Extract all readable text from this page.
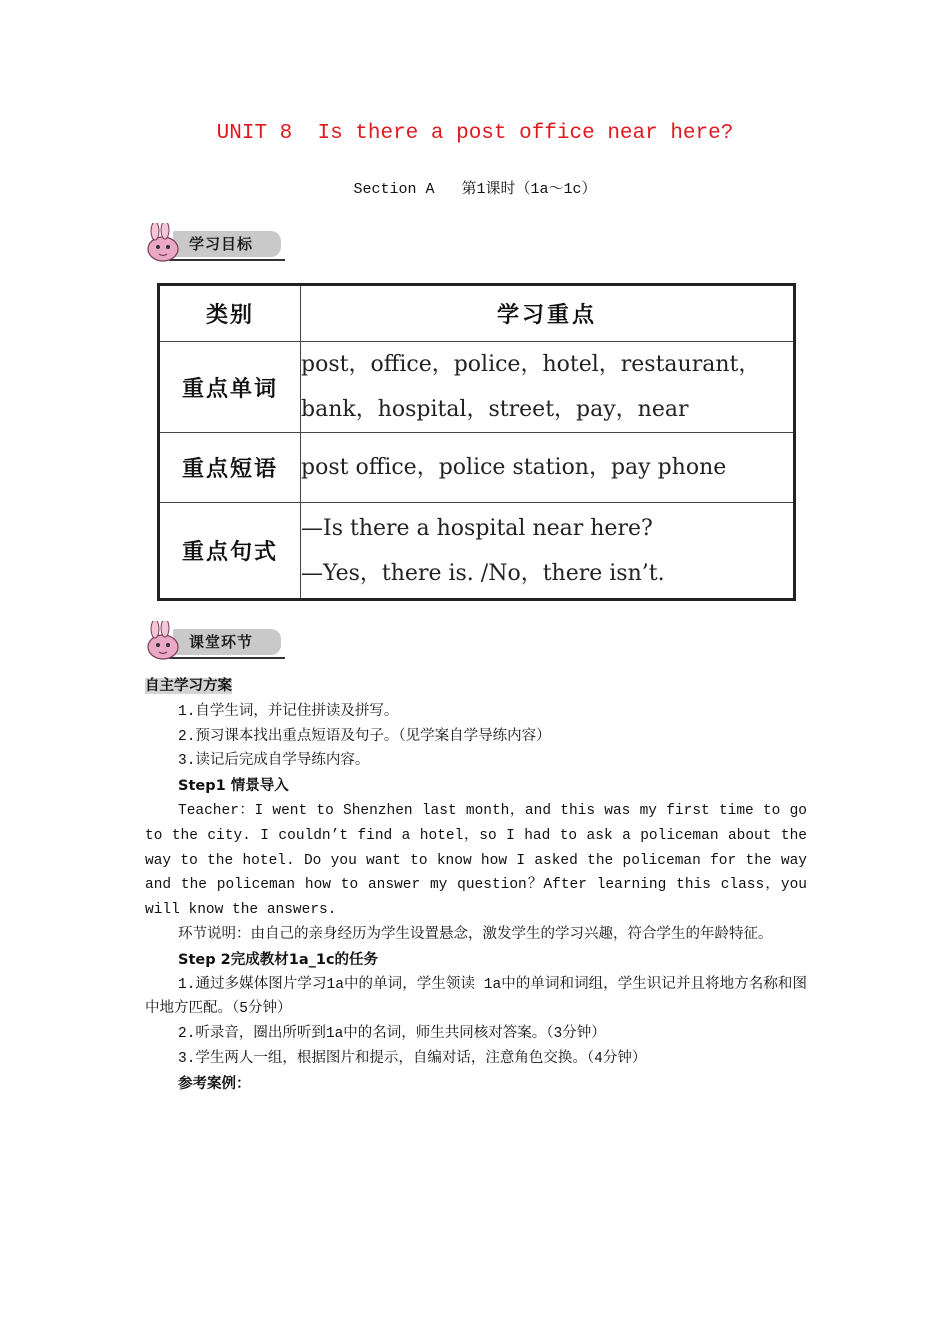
UNIT 8  Is there a post office near here?
Section A   第1课时（1a～1c）
学习目标
类别	学习重点
重点单词	post，office，police，hotel，restaurant，
bank，hospital，street，pay，near

重点短语	post office，police station，pay phone

重点句式	—Is there a hospital near here?
—Yes，there is. /No，there isn’t.
课堂环节

自主学习方案

1.自学生词，并记住拼读及拼写。

2.预习课本找出重点短语及句子。（见学案自学导练内容）

3.读记后完成自学导练内容。

Step1 情景导入

Teacher：I went to Shenzhen last month，and this was my first time to go to the city. I couldn’t find a hotel，so I had to ask a policeman about the way to the hotel. Do you want to know how I asked the policeman for the way and the policeman how to answer my question？After learning this class，you will know the answers.

环节说明：由自己的亲身经历为学生设置悬念，激发学生的学习兴趣，符合学生的年龄特征。

Step 2完成教材1a_1c的任务

1.通过多媒体图片学习1a中的单词，学生领读 1a中的单词和词组，学生识记并且将地方名称和图中地方匹配。（5分钟）

2.听录音，圈出所听到1a中的名词，师生共同核对答案。（3分钟）

3.学生两人一组，根据图片和提示，自编对话，注意角色交换。（4分钟）

参考案例：
